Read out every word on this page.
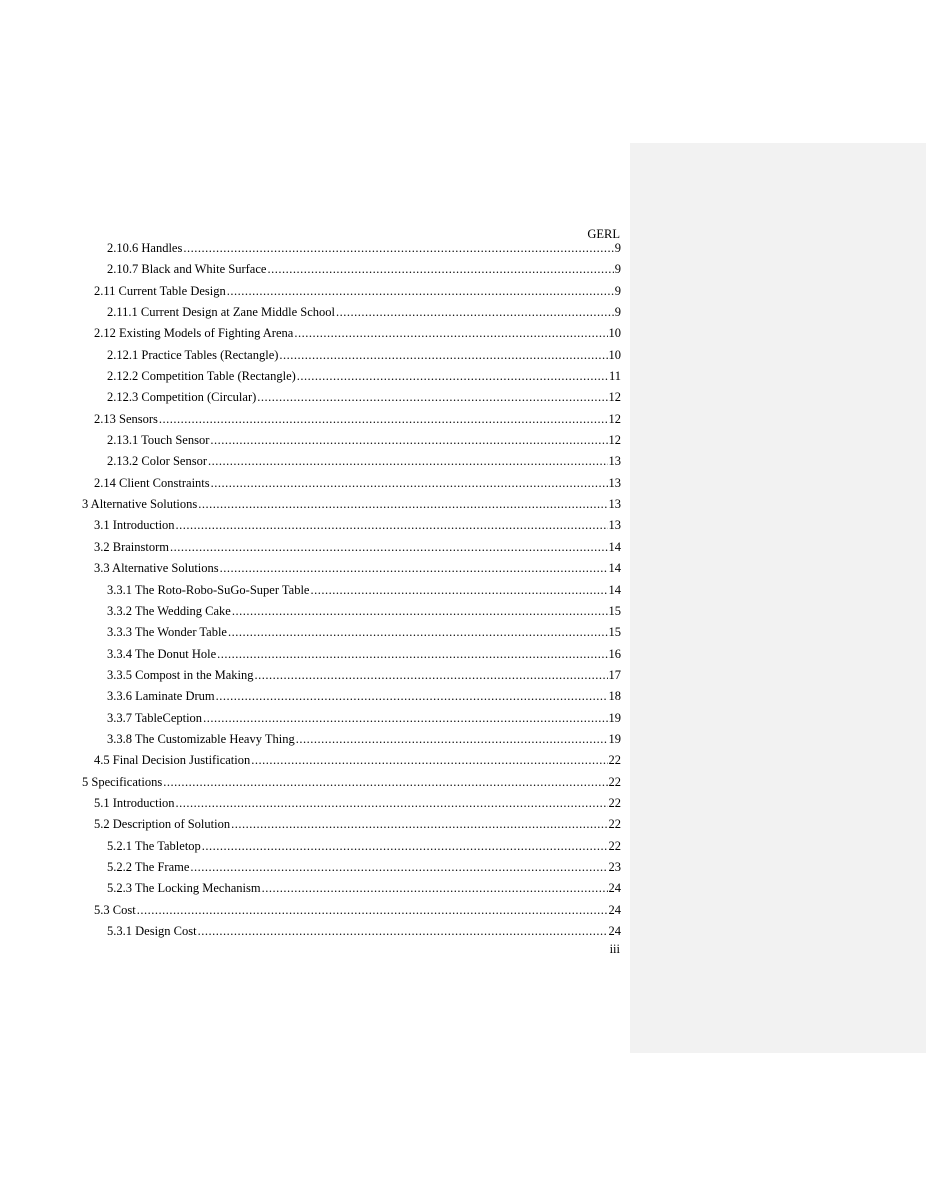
GERL
2.10.6 Handles .....	9
2.10.7 Black and White Surface .....	9
2.11 Current Table Design .....	9
2.11.1 Current Design at Zane Middle School .....	9
2.12 Existing Models of Fighting Arena .....	10
2.12.1 Practice Tables (Rectangle) .....	10
2.12.2 Competition Table (Rectangle) .....	11
2.12.3 Competition (Circular) .....	12
2.13 Sensors .....	12
2.13.1 Touch Sensor .....	12
2.13.2 Color Sensor .....	13
2.14 Client Constraints .....	13
3 Alternative Solutions .....	13
3.1 Introduction .....	13
3.2 Brainstorm .....	14
3.3 Alternative Solutions .....	14
3.3.1 The Roto-Robo-SuGo-Super Table .....	14
3.3.2 The Wedding Cake .....	15
3.3.3 The Wonder Table .....	15
3.3.4 The Donut Hole .....	16
3.3.5 Compost in the Making .....	17
3.3.6 Laminate Drum .....	18
3.3.7 TableCeption .....	19
3.3.8 The Customizable Heavy Thing .....	19
4.5 Final Decision Justification .....	22
5 Specifications .....	22
5.1 Introduction .....	22
5.2 Description of Solution .....	22
5.2.1 The Tabletop .....	22
5.2.2 The Frame .....	23
5.2.3 The Locking Mechanism .....	24
5.3 Cost .....	24
5.3.1 Design Cost .....	24
iii
